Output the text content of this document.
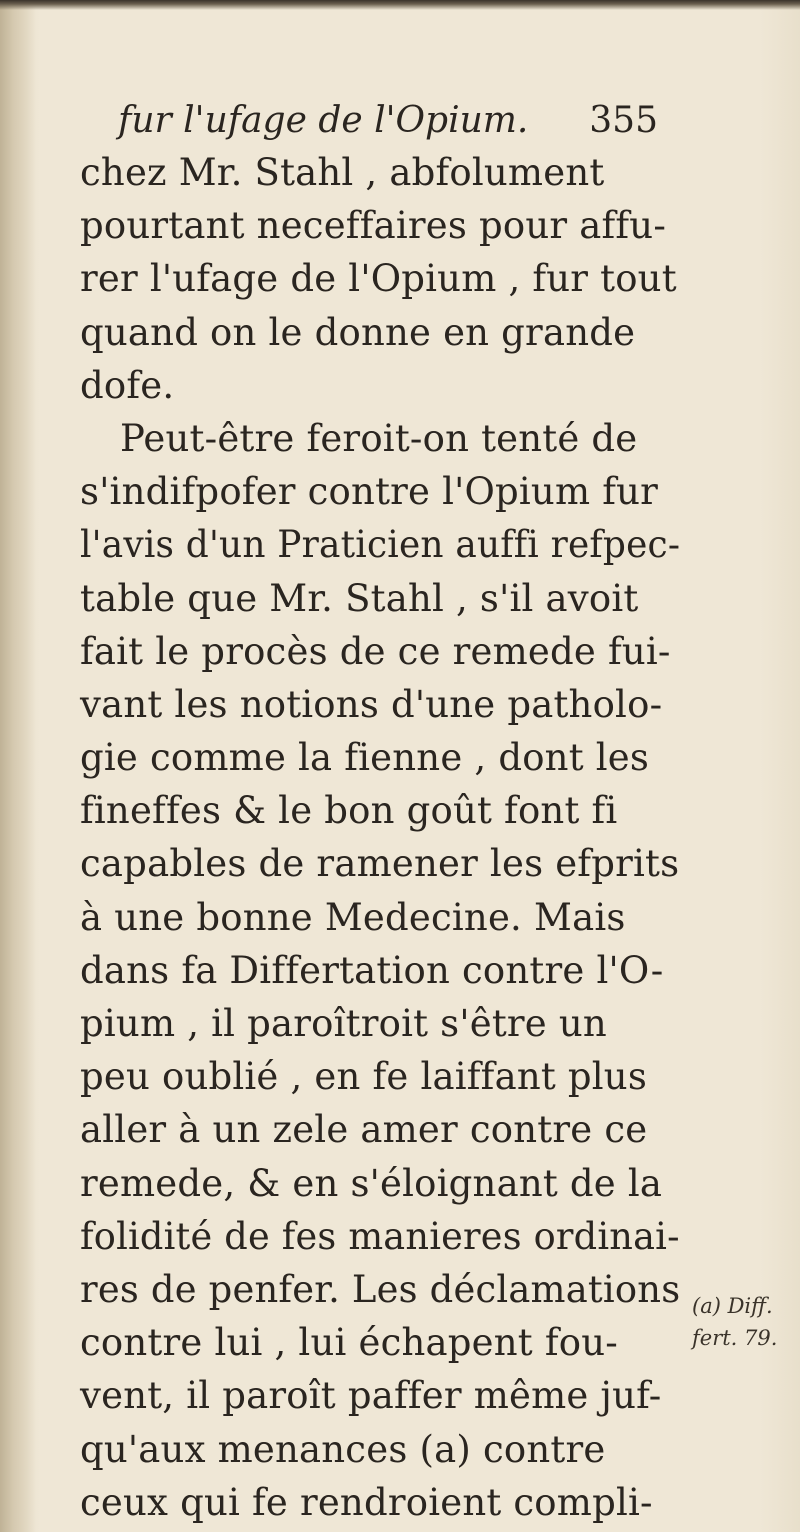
fur l'ufage de l'Opium. 355
chez Mr. Stahl , abfolument
pourtant neceffaires pour affu-
rer l'ufage de l'Opium , fur tout
quand on le donne en grande
dofe.
Peut-être feroit-on tenté de
s'indifpofer contre l'Opium fur
l'avis d'un Praticien auffi refpec-
table que Mr. Stahl , s'il avoit
fait le procès de ce remede fui-
vant les notions d'une patholo-
gie comme la fienne , dont les
fineffes & le bon goût font fi
capables de ramener les efprits
à une bonne Medecine. Mais
dans fa Differtation contre l'O-
pium , il paroîtroit s'être un
peu oublié , en fe laiffant plus
aller à un zele amer contre ce
remede, & en s'éloignant de la
folidité de fes manieres ordinai-
res de penfer. Les déclamations
contre lui , lui échapent fou-
vent, il paroît paffer même juf-
qu'aux menances (a) contre
ceux qui fe rendroient compli-
(a) Diff.
fert. 79.
